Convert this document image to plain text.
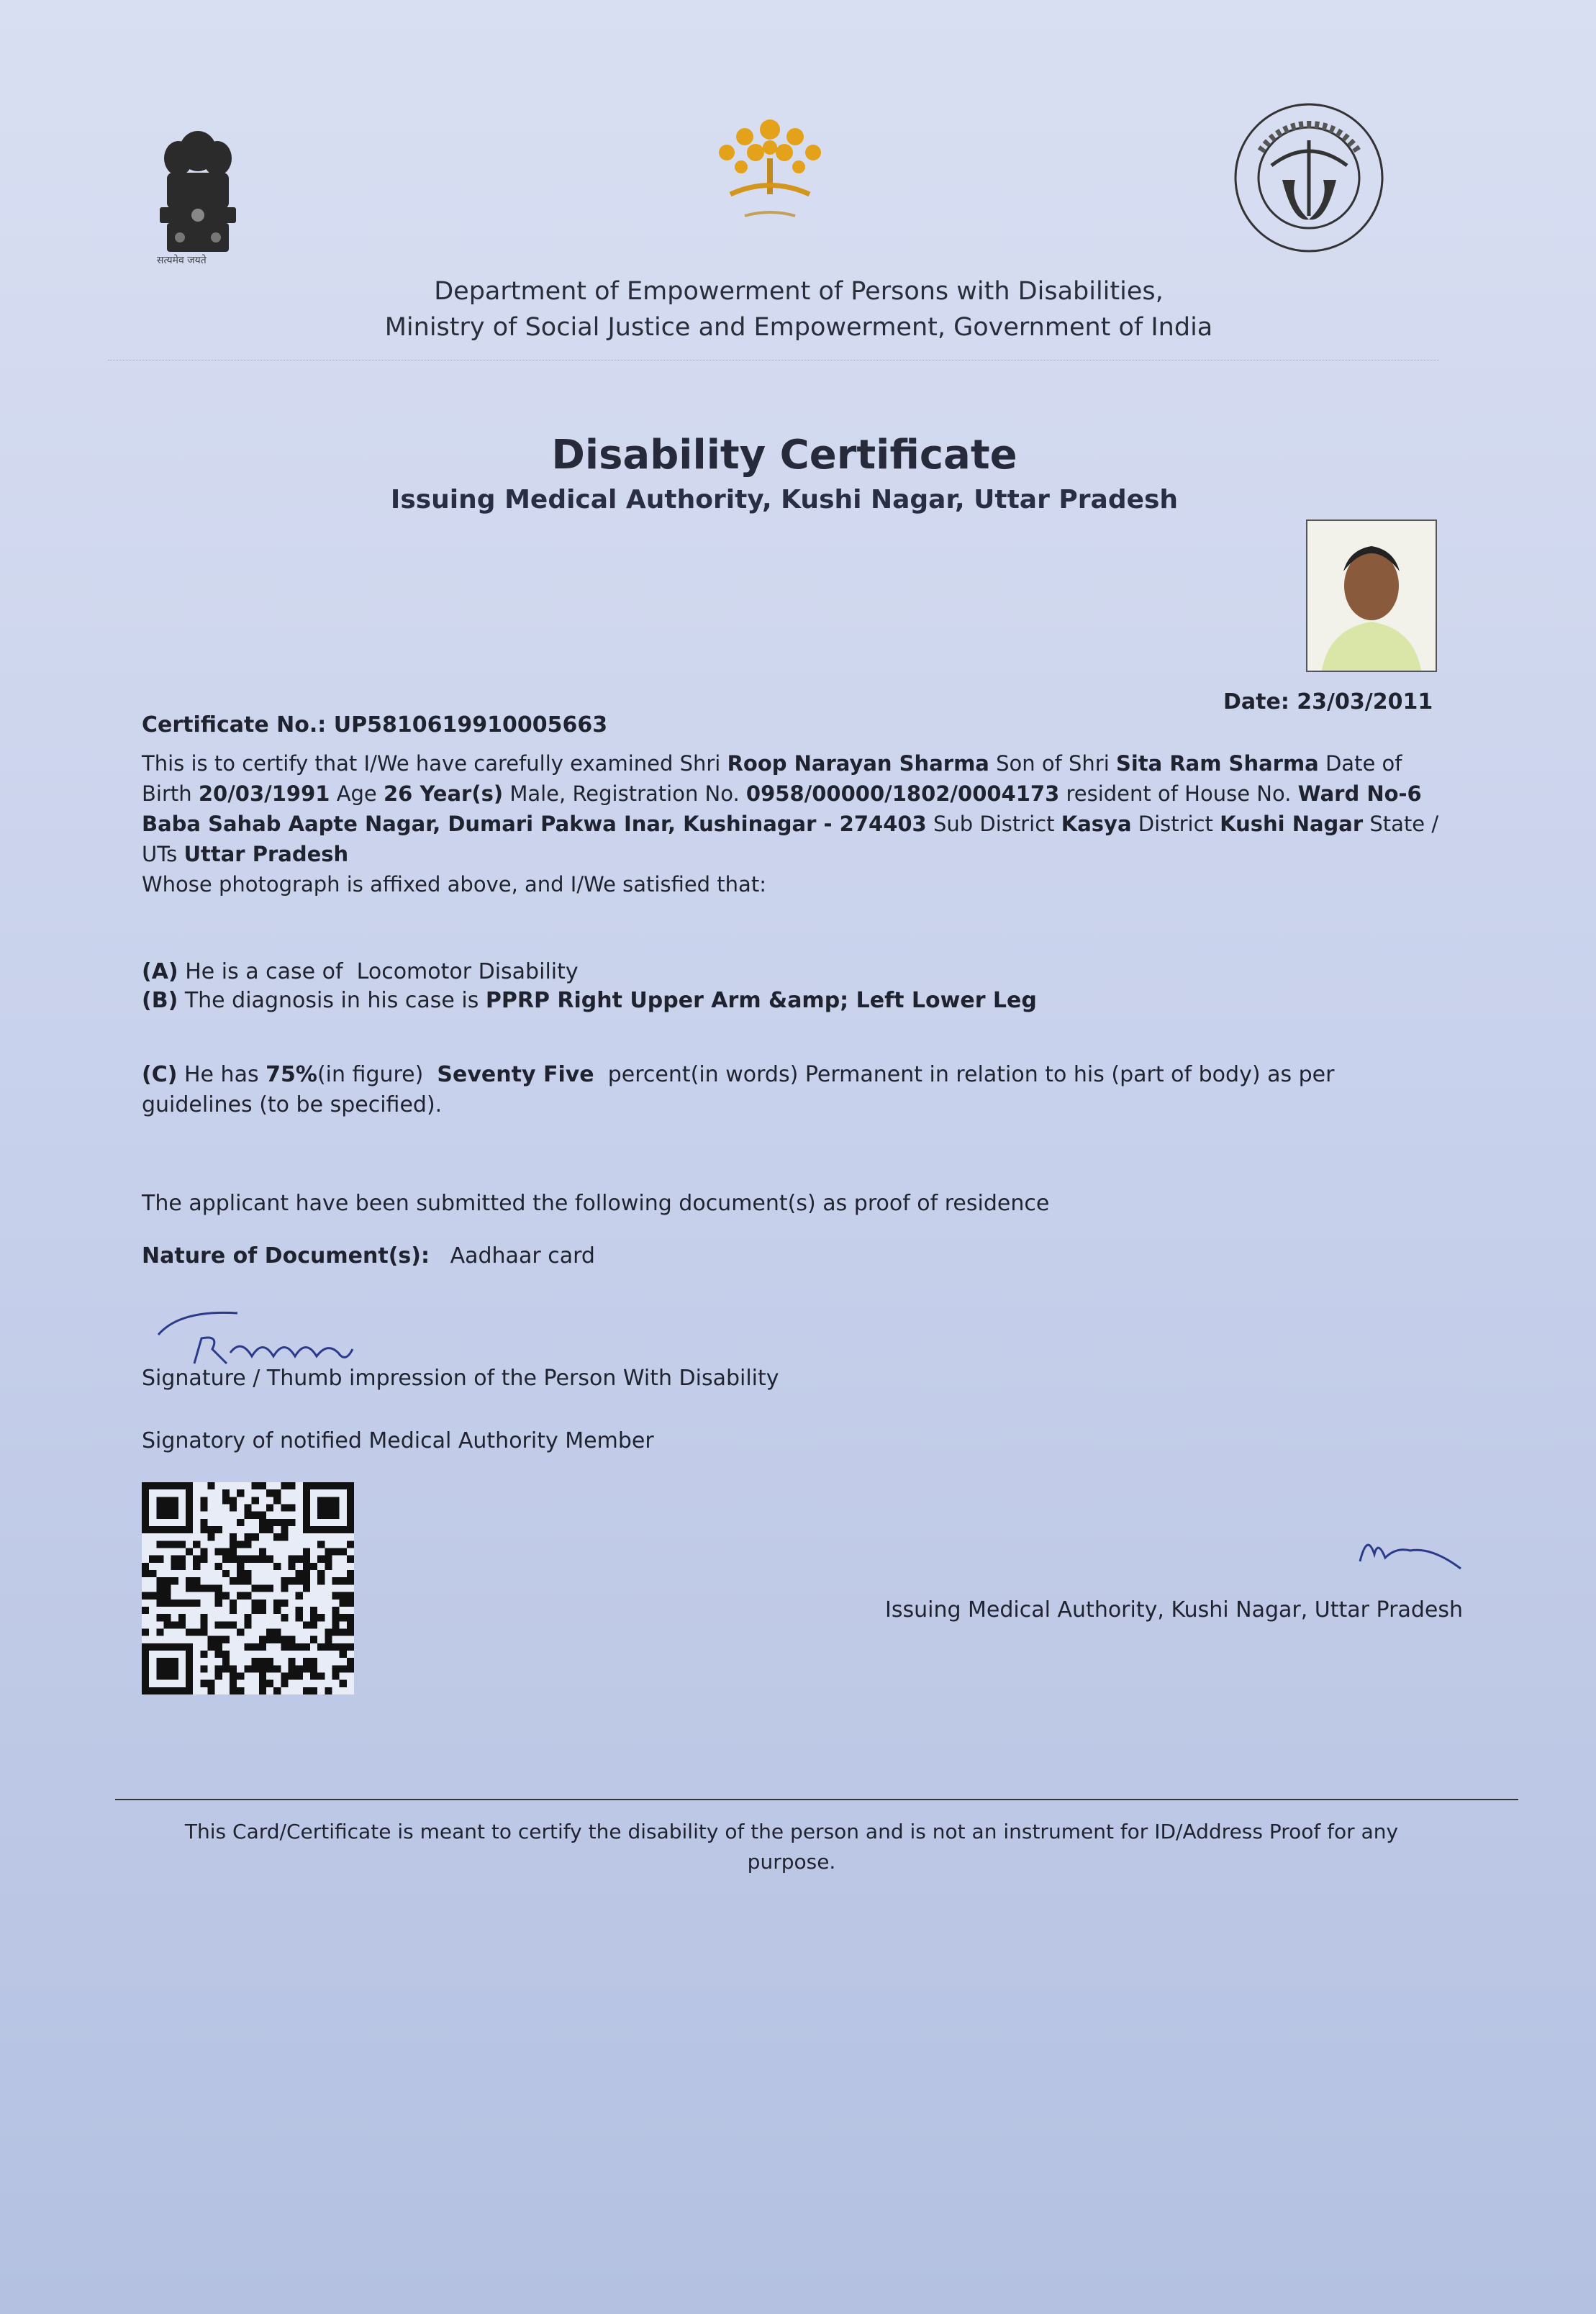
सत्यमेव जयते
Department of Empowerment of Persons with Disabilities,
Ministry of Social Justice and Empowerment, Government of India
Disability Certificate
Issuing Medical Authority, Kushi Nagar, Uttar Pradesh
Date: 23/03/2011
Certificate No.: UP5810619910005663
This is to certify that I/We have carefully examined Shri Roop Narayan Sharma Son of Shri Sita Ram Sharma Date of Birth 20/03/1991 Age 26 Year(s) Male, Registration No. 0958/00000/1802/0004173 resident of House No. Ward No-6 Baba Sahab Aapte Nagar, Dumari Pakwa Inar, Kushinagar - 274403 Sub District Kasya District Kushi Nagar State / UTs Uttar Pradesh
Whose photograph is affixed above, and I/We satisfied that:
(A) He is a case of Locomotor Disability
(B) The diagnosis in his case is PPRP Right Upper Arm &amp; Left Lower Leg
(C) He has 75%(in figure) Seventy Five percent(in words) Permanent in relation to his (part of body) as per guidelines (to be specified).
The applicant have been submitted the following document(s) as proof of residence
Nature of Document(s): Aadhaar card
Signature / Thumb impression of the Person With Disability
Signatory of notified Medical Authority Member
Issuing Medical Authority, Kushi Nagar, Uttar Pradesh
This Card/Certificate is meant to certify the disability of the person and is not an instrument for ID/Address Proof for any
purpose.
